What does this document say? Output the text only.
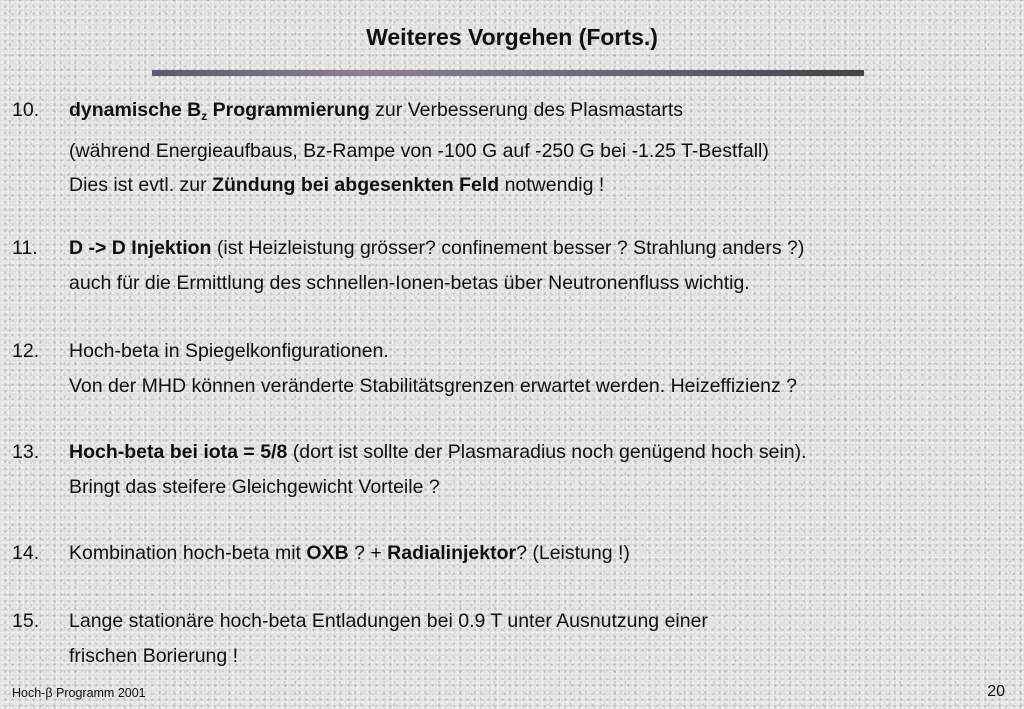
Weiteres Vorgehen (Forts.)
10. dynamische $B_z$ Programmierung zur Verbesserung des Plasmastarts
(während Energieaufbaus, Bz-Rampe von -100 G auf -250 G bei -1.25 T-Bestfall)
Dies ist evtl. zur Zündung bei abgesenkten Feld notwendig !
11. D -> D Injektion (ist Heizleistung grösser? confinement besser ? Strahlung anders ?)
auch für die Ermittlung des schnellen-Ionen-betas über Neutronenfluss wichtig.
12. Hoch-beta in Spiegelkonfigurationen.
Von der MHD können veränderte Stabilitätsgrenzen erwartet werden. Heizeffizienz ?
13. Hoch-beta bei iota = 5/8 (dort ist sollte der Plasmaradius noch genügend hoch sein).
Bringt das steifere Gleichgewicht Vorteile ?
14. Kombination hoch-beta mit OXB ? + Radialinjektor? (Leistung !)
15. Lange stationäre hoch-beta Entladungen bei 0.9 T unter Ausnutzung einer
frischen Borierung !
Hoch-β Programm 2001	20
